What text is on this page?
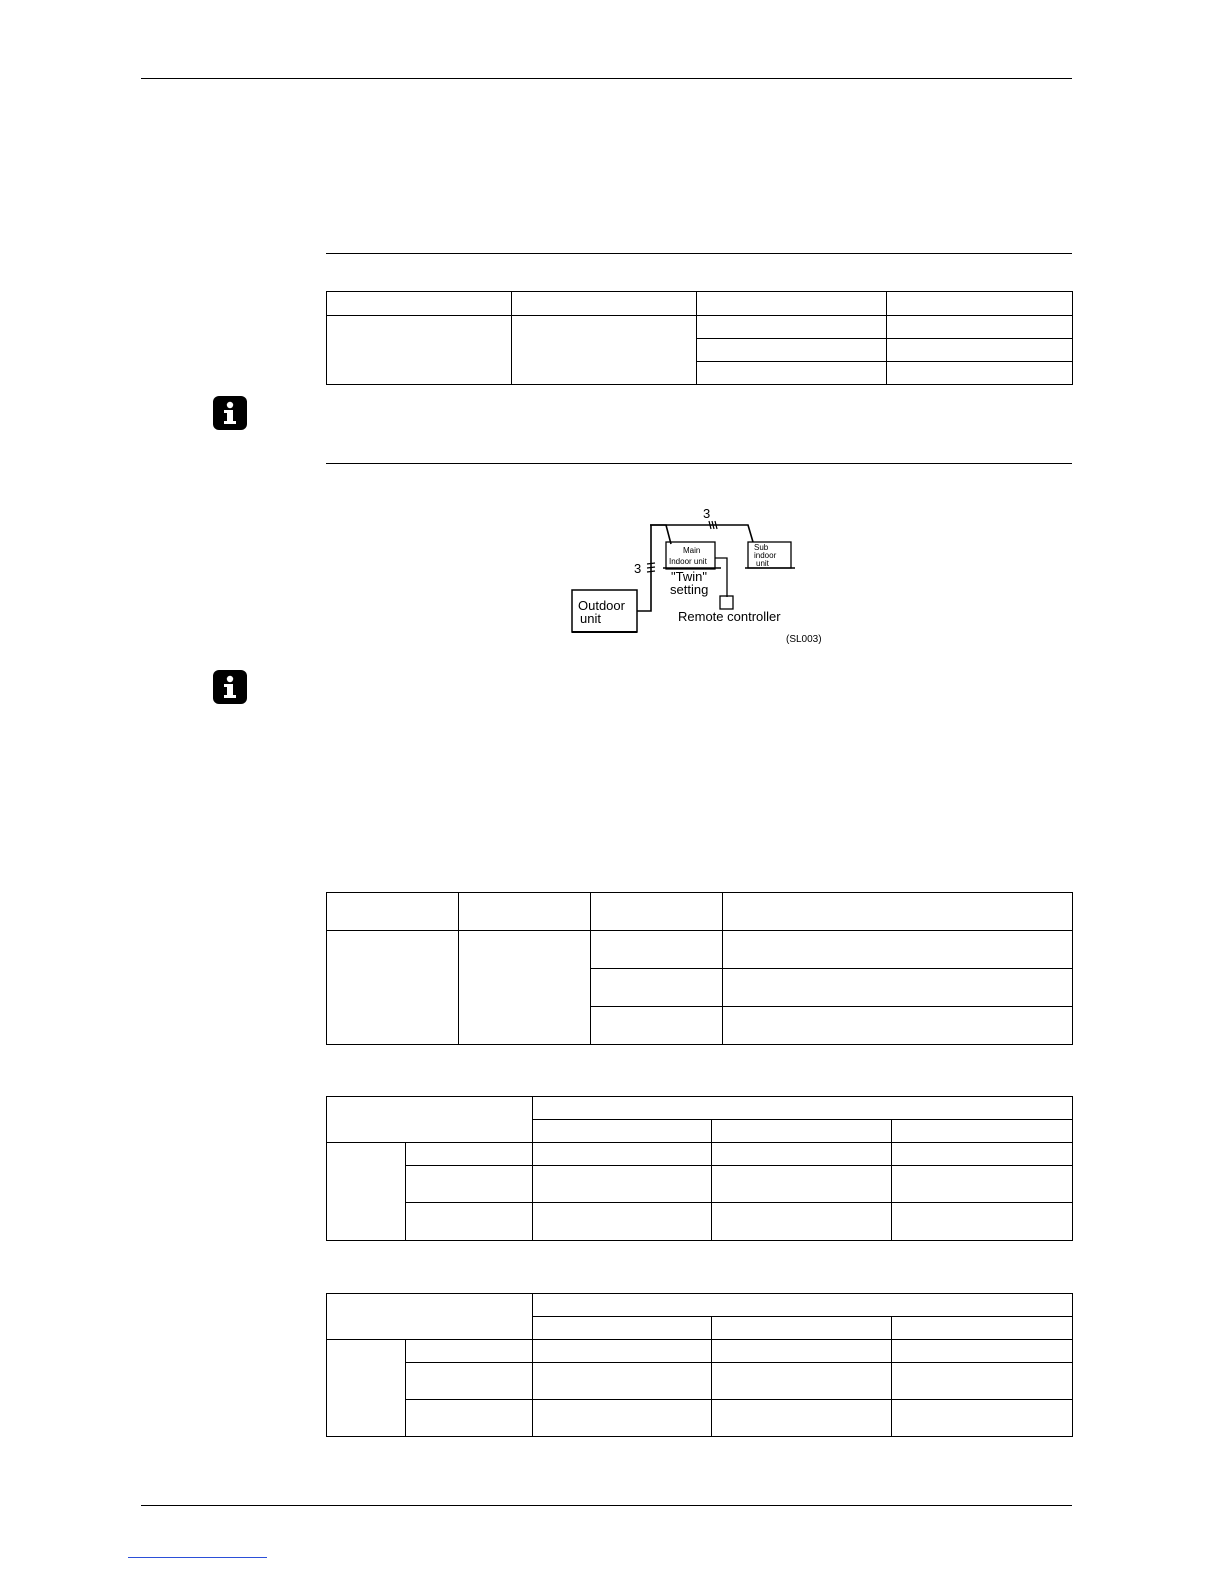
3
3
Main
Indoor unit
Sub
indoor
unit
"Twin"
setting
Remote controller
Outdoor
unit
(SL003)
